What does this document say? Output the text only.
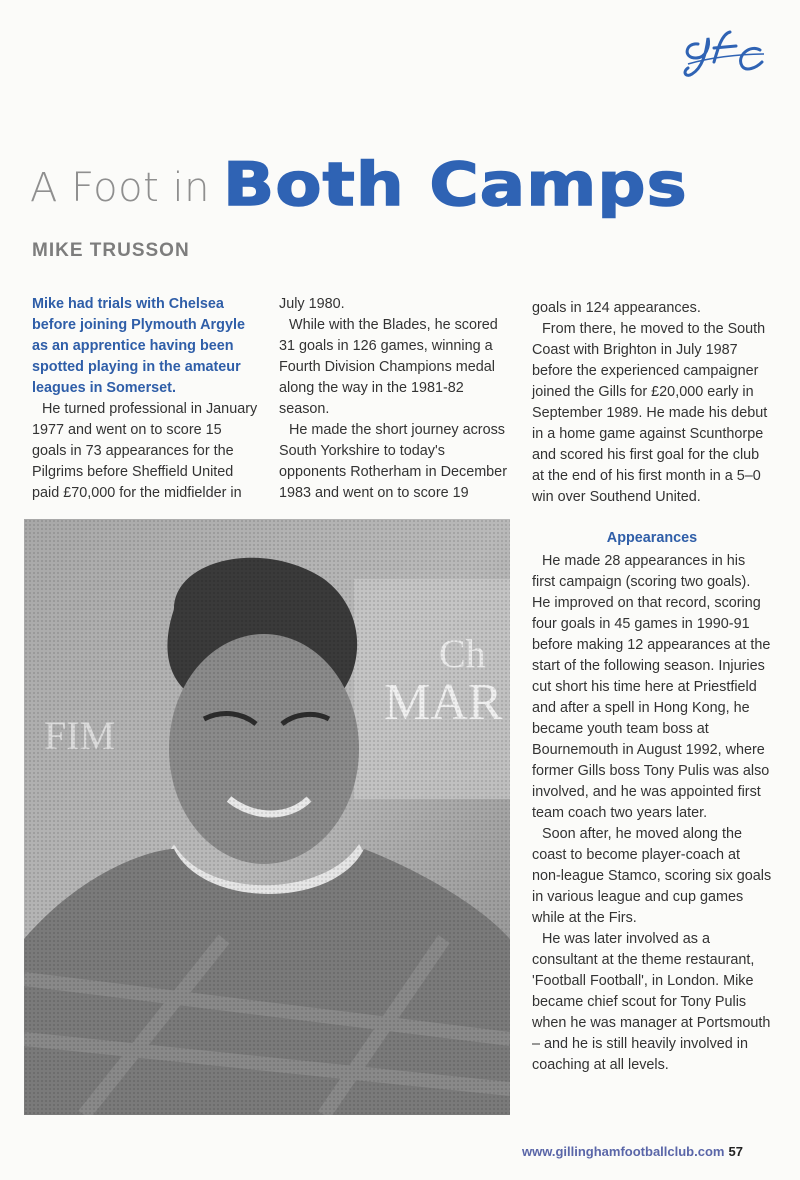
A Foot in Both Camps
MIKE TRUSSON

Mike had trials with Chelsea before joining Plymouth Argyle as an apprentice having been spotted playing in the amateur leagues in Somerset.

He turned professional in January 1977 and went on to score 15 goals in 73 appearances for the Pilgrims before Sheffield United paid £70,000 for the midfielder in

July 1980.

While with the Blades, he scored 31 goals in 126 games, winning a Fourth Division Champions medal along the way in the 1981-82 season.

He made the short journey across South Yorkshire to today's opponents Rotherham in December 1983 and went on to score 19

goals in 124 appearances.

From there, he moved to the South Coast with Brighton in July 1987 before the experienced campaigner joined the Gills for £20,000 early in September 1989. He made his debut in a home game against Scunthorpe and scored his first goal for the club at the end of his first month in a 5–0 win over Southend United.

Appearances

He made 28 appearances in his first campaign (scoring two goals). He improved on that record, scoring four goals in 45 games in 1990-91 before making 12 appearances at the start of the following season. Injuries cut short his time here at Priestfield and after a spell in Hong Kong, he became youth team boss at Bournemouth in August 1992, where former Gills boss Tony Pulis was also involved, and he was appointed first team coach two years later.

Soon after, he moved along the coast to become player-coach at non-league Stamco, scoring six goals in various league and cup games while at the Firs.

He was later involved as a consultant at the theme restaurant, 'Football Football', in London. Mike became chief scout for Tony Pulis when he was manager at Portsmouth – and he is still heavily involved in coaching at all levels.

www.gillinghamfootballclub.com 57
